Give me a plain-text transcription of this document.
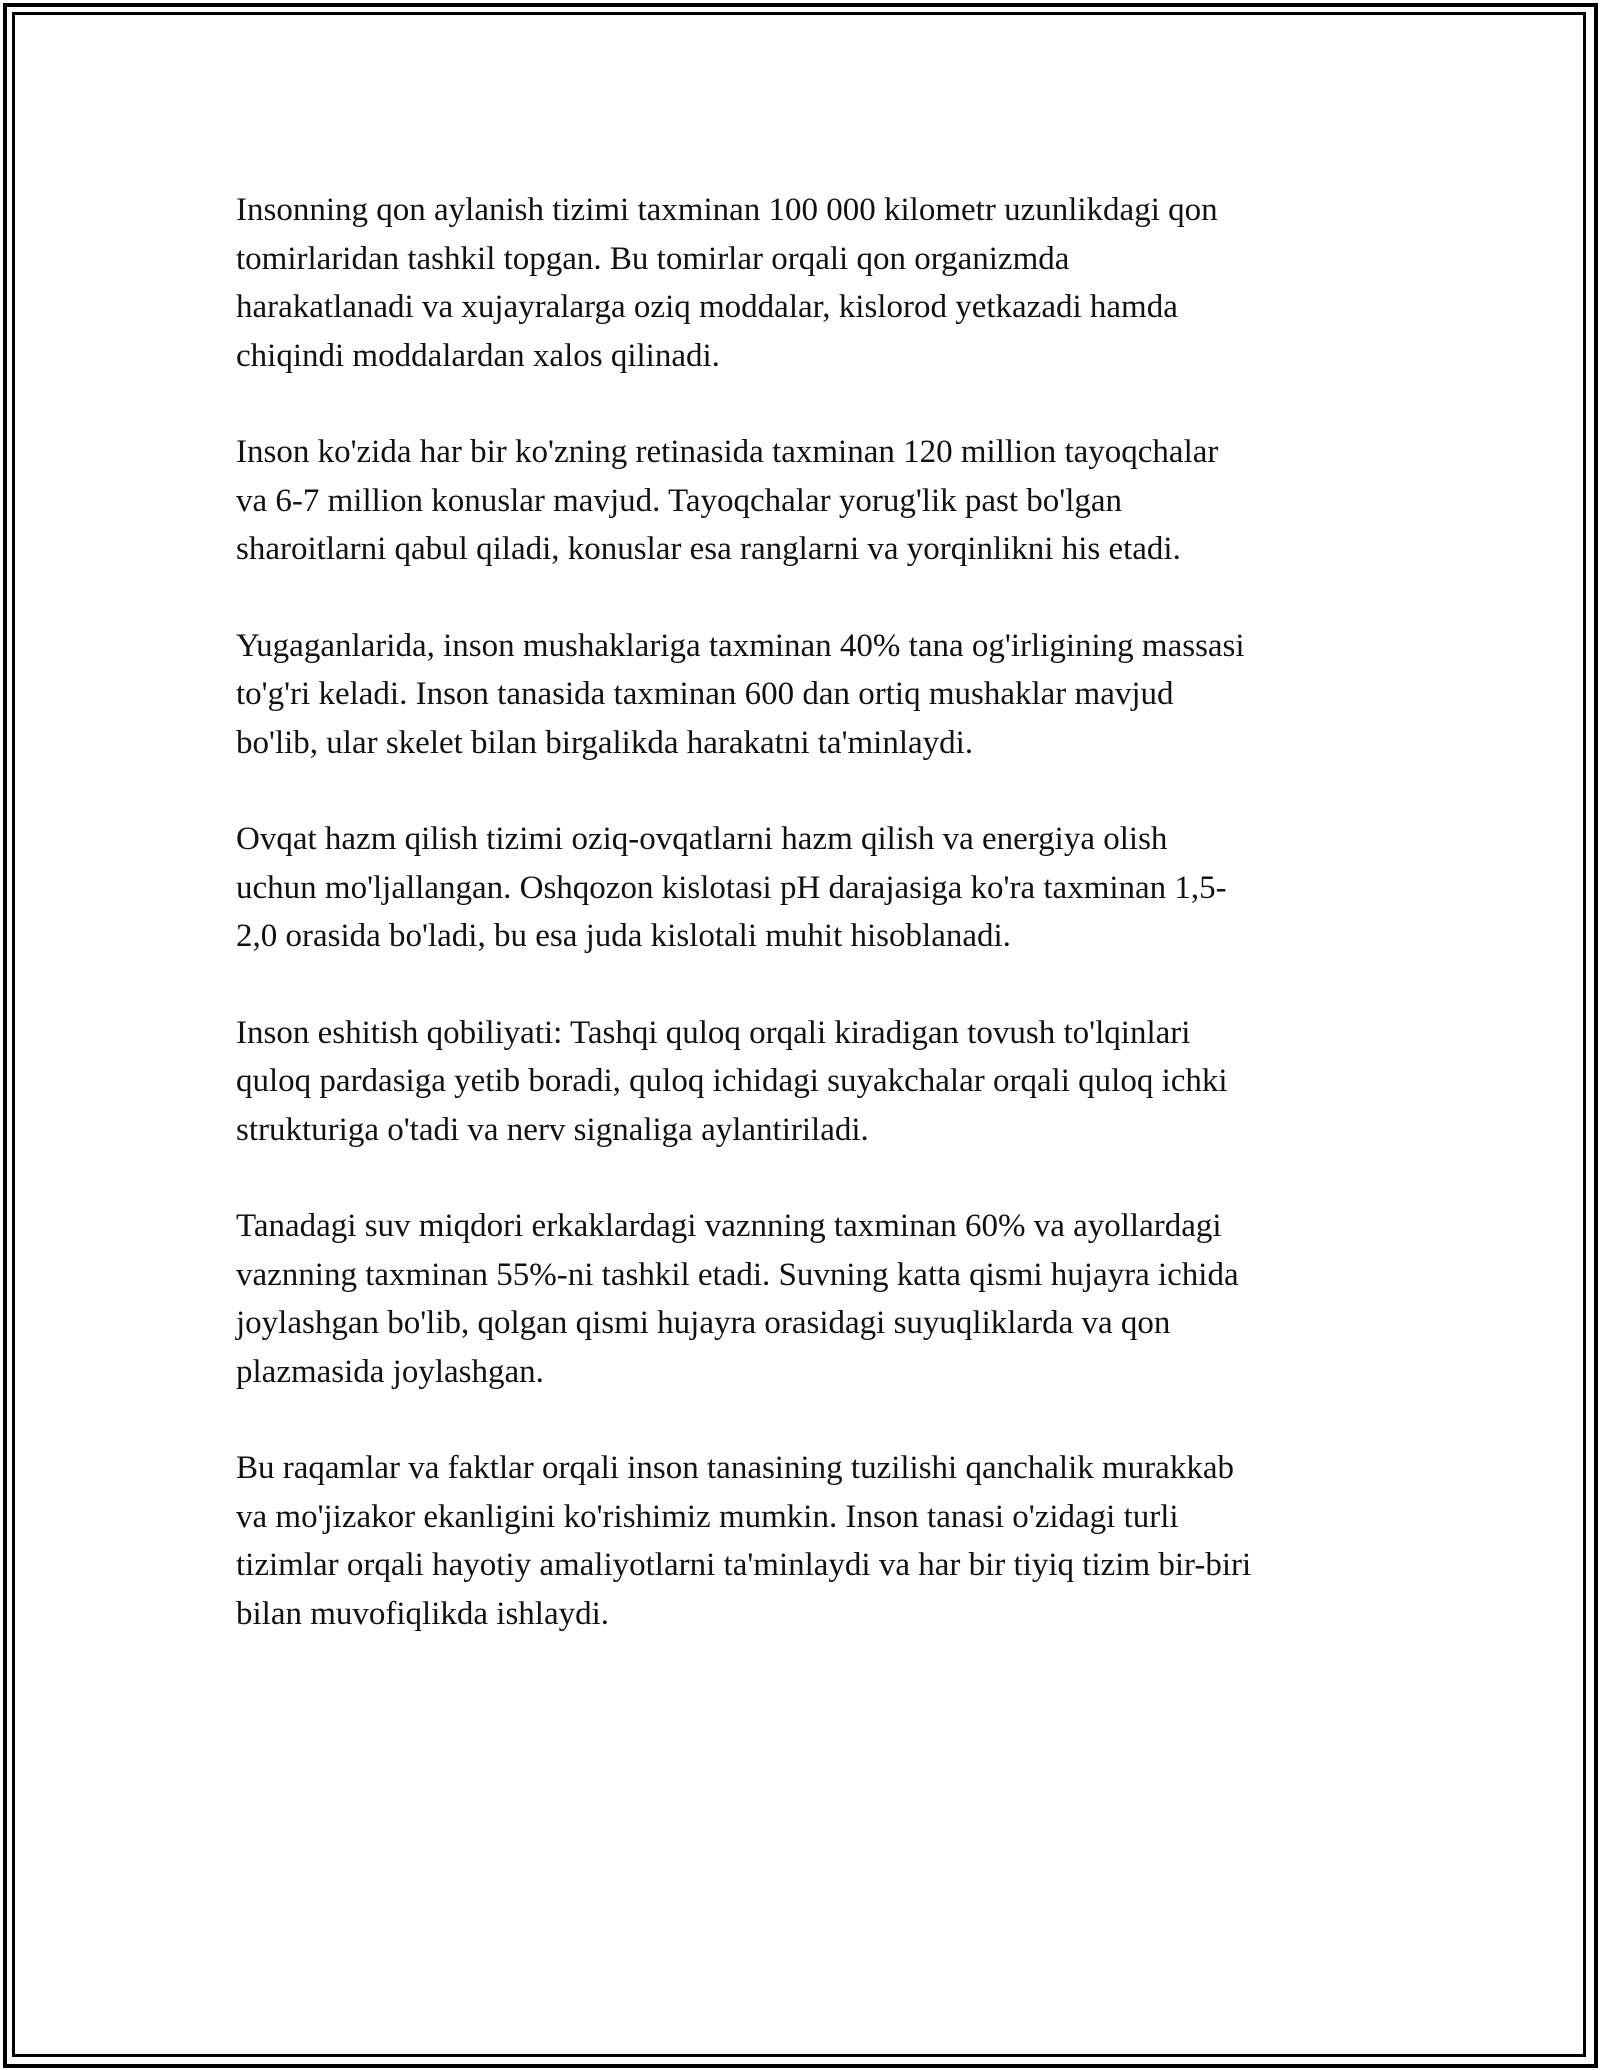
Insonning qon aylanish tizimi taxminan 100 000 kilometr uzunlikdagi qon
tomirlaridan tashkil topgan. Bu tomirlar orqali qon organizmda
harakatlanadi va xujayralarga oziq moddalar, kislorod yetkazadi hamda
chiqindi moddalardan xalos qilinadi.

Inson ko'zida har bir ko'zning retinasida taxminan 120 million tayoqchalar
va 6-7 million konuslar mavjud. Tayoqchalar yorug'lik past bo'lgan
sharoitlarni qabul qiladi, konuslar esa ranglarni va yorqinlikni his etadi.

Yugaganlarida, inson mushaklariga taxminan 40% tana og'irligining massasi
to'g'ri keladi. Inson tanasida taxminan 600 dan ortiq mushaklar mavjud
bo'lib, ular skelet bilan birgalikda harakatni ta'minlaydi.

Ovqat hazm qilish tizimi oziq-ovqatlarni hazm qilish va energiya olish
uchun mo'ljallangan. Oshqozon kislotasi pH darajasiga ko'ra taxminan 1,5-
2,0 orasida bo'ladi, bu esa juda kislotali muhit hisoblanadi.

Inson eshitish qobiliyati: Tashqi quloq orqali kiradigan tovush to'lqinlari
quloq pardasiga yetib boradi, quloq ichidagi suyakchalar orqali quloq ichki
strukturiga o'tadi va nerv signaliga aylantiriladi.

Tanadagi suv miqdori erkaklardagi vaznning taxminan 60% va ayollardagi
vaznning taxminan 55%-ni tashkil etadi. Suvning katta qismi hujayra ichida
joylashgan bo'lib, qolgan qismi hujayra orasidagi suyuqliklarda va qon
plazmasida joylashgan.

Bu raqamlar va faktlar orqali inson tanasining tuzilishi qanchalik murakkab
va mo'jizakor ekanligini ko'rishimiz mumkin. Inson tanasi o'zidagi turli
tizimlar orqali hayotiy amaliyotlarni ta'minlaydi va har bir tiyiq tizim bir-biri
bilan muvofiqlikda ishlaydi.
